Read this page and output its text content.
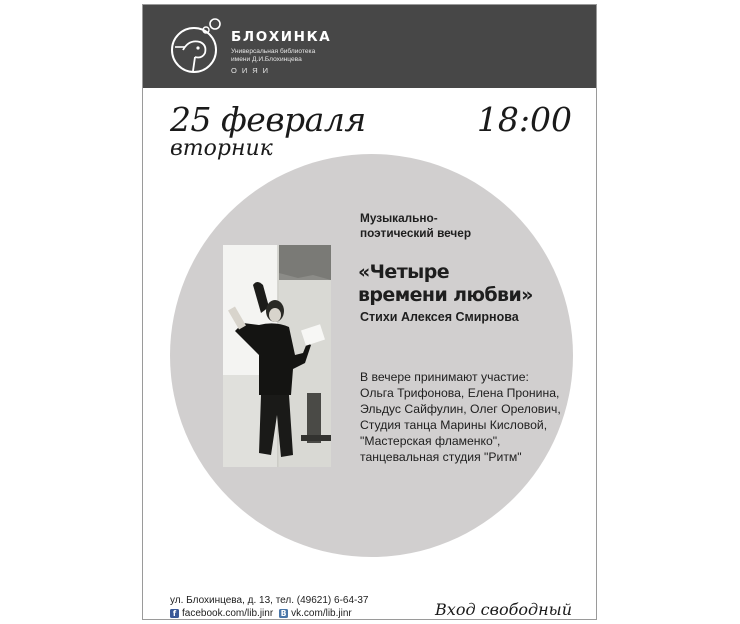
БЛОХИНКА
Универсальная библиотека
имени Д.И.Блохинцева
ОИЯИ
25 февраля
вторник
18:00
Музыкально-
поэтический вечер
«Четыре
времени любви»
Стихи Алексея Смирнова
В вечере принимают участие:
Ольга Трифонова, Елена Пронина,
Эльдус Сайфулин, Олег Орелович,
Студия танца Марины Кисловой,
"Мастерская фламенко",
танцевальная студия "Ритм"
ул. Блохинцева, д. 13, тел. (49621) 6-64-37
f facebook.com/lib.jinr B vk.com/lib.jinr	Вход свободный
